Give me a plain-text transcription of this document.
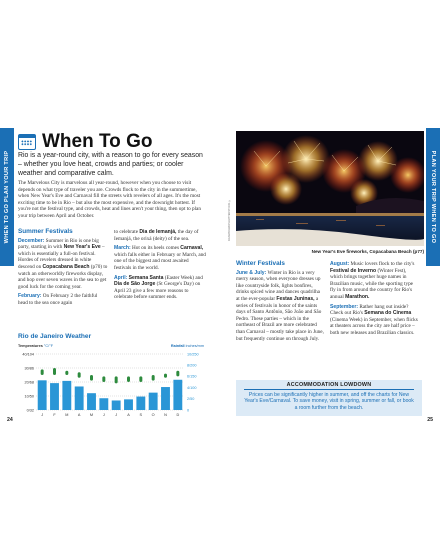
WHEN TO GO PLAN YOUR TRIP	PLAN YOUR TRIP WHEN TO GO
When To Go

Rio is a year-round city, with a reason to go for every season – whether you love heat, crowds and parties; or cooler weather and comparative calm.

The Marvelous City is marvelous all year-round, however when you choose to visit depends on what type of traveler you are. Crowds flock to the city in the summertime, when New Year's Eve and Carnaval fill the streets with revelers of all ages. It's the most exciting time to be in Rio – but also the most expensive, and the downright hottest. If you're not the festival type, and crowds, heat and lines aren't your thing, then opt to plan your trip between April and October.

Summer Festivals

December: Summer in Rio is one big party, starting in with New Year's Eve – which is essentially a full-on festival. Hordes of revelers dressed in white descend on Copacabana Beach (p70) to watch an otherworldly fireworks display, and hop over seven waves in the sea to get good luck for the coming year.

February: On February 2 the faithful head to the sea once again

to celebrate Dia de Iemanjá, the day of Iemanjá, the orixá (deity) of the sea.

March: Hot on its heels comes Carnaval, which falls either in February or March, and one of the biggest and most awaited festivals in the world.

April: Semana Santa (Easter Week) and Dia de São Jorge (St George's Day) on April 23 give a few more reasons to celebrate before summer ends.

Rio de Janeiro Weather
Temperatures °C/°F	Rainfall inches/mm
0/32
10/50
20/68
30/86
40/104
0
2/50
4/100
6/150
8/200
10/250
J	F	M A M	J	J	A	S	O N	D
24	25
DASHBOARD/SHUTTERSTOCK ©
New Year's Eve fireworks, Copacabana Beach (p77)
Winter Festivals

June & July: Winter in Rio is a very merry season, when everyone dresses up like countryside folk, lights bonfires, drinks spiced wine and dances quadrilha at the ever-popular Festas Juninas, a series of festivals in honor of the saints days of Santo Antônio, São João and São Pedro. These parties – which in the northeast of Brazil are more celebrated than Carnaval – mostly take place in June, but frequently continue on through July.

August: Music lovers flock to the city's Festival de Inverno (Winter Fest), which brings together huge names in Brazilian music, while the sporting type fly in from around the country for Rio's annual Marathon.

September: Rather hang out inside? Check out Rio's Semana do Cinema (Cinema Week) in September, when flicks at theaters across the city are half price – both new releases and Brazilian classics.

ACCOMMODATION LOWDOWN
Prices can be significantly higher in summer, and off the charts for New Year's Eve/Carnaval. To save money, visit in spring, summer or fall, or book a room further from the beach.
